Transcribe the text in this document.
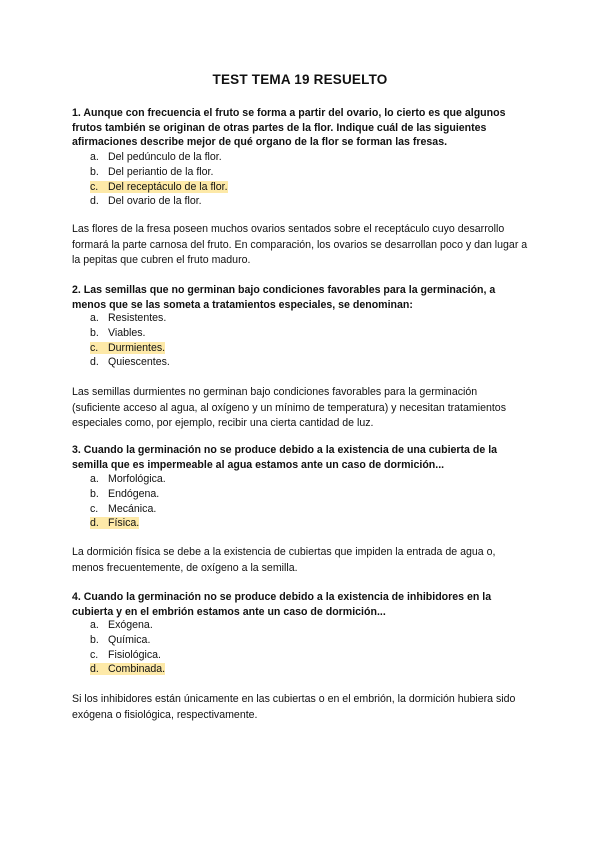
TEST TEMA 19 RESUELTO
1. Aunque con frecuencia el fruto se forma a partir del ovario, lo cierto es que algunos frutos también se originan de otras partes de la flor. Indique cuál de las siguientes afirmaciones describe mejor de qué organo de la flor se forman las fresas.
a. Del pedúnculo de la flor.
b. Del periantio de la flor.
c. Del receptáculo de la flor.
d. Del ovario de la flor.
Las flores de la fresa poseen muchos ovarios sentados sobre el receptáculo cuyo desarrollo formará la parte carnosa del fruto. En comparación, los ovarios se desarrollan poco y dan lugar a la pepitas que cubren el fruto maduro.
2. Las semillas que no germinan bajo condiciones favorables para la germinación, a menos que se las someta a tratamientos especiales, se denominan:
a. Resistentes.
b. Viables.
c. Durmientes.
d. Quiescentes.
Las semillas durmientes no germinan bajo condiciones favorables para la germinación (suficiente acceso al agua, al oxígeno y un mínimo de temperatura) y necesitan tratamientos especiales como, por ejemplo, recibir una cierta cantidad de luz.
3. Cuando la germinación no se produce debido a la existencia de una cubierta de la semilla que es impermeable al agua estamos ante un caso de dormición...
a. Morfológica.
b. Endógena.
c. Mecánica.
d. Física.
La dormición física se debe a la existencia de cubiertas que impiden la entrada de agua o, menos frecuentemente, de oxígeno a la semilla.
4. Cuando la germinación no se produce debido a la existencia de inhibidores en la cubierta y en el embrión estamos ante un caso de dormición...
a. Exógena.
b. Química.
c. Fisiológica.
d. Combinada.
Si los inhibidores están únicamente en las cubiertas o en el embrión, la dormición hubiera sido exógena o fisiológica, respectivamente.
